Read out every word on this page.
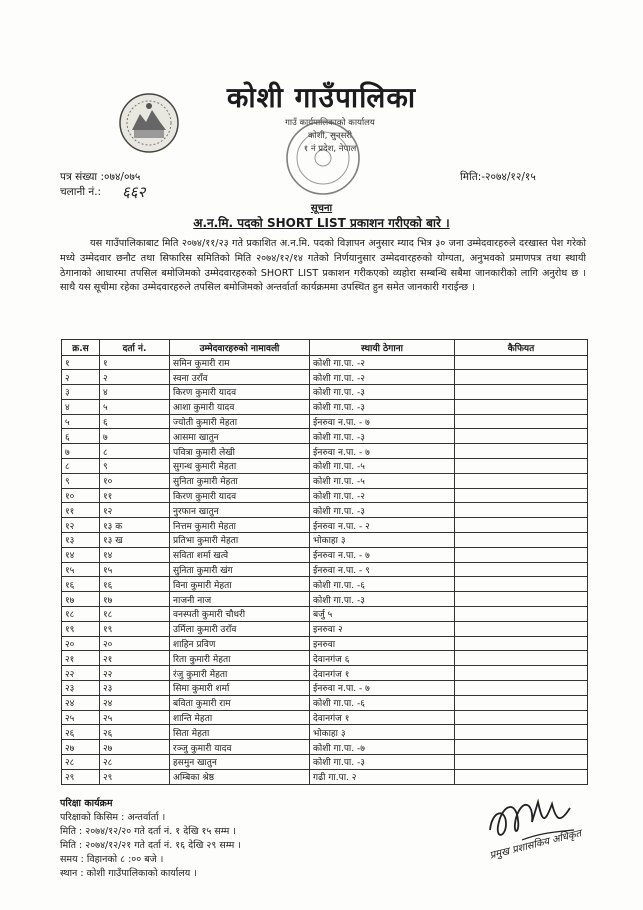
कोशी गाउँपालिका
गाउँ कार्यपालिकाको कार्यालय
कोशी, सुनसरी
१ नं प्रदेश, नेपाल
पत्र संख्या :०७४/०७५
चलानी नं.: ६६२
मिति:-२०७४/१२/१५
सूचना
अ.न.मि. पदको SHORT LIST प्रकाशन गरीएको बारे ।
यस गाउँपालिकाबाट मिति २०७४/११/२३ गते प्रकाशित अ.न.मि. पदको विज्ञापन अनुसार म्याद भित्र ३० जना उम्मेदवारहरुले दरखास्त पेश गरेको मध्ये उम्मेदवार छनौट तथा सिफारिस समितिको मिति २०७४/१२/१४ गतेको निर्णयानुसार उम्मेदवारहरुको योग्यता, अनुभवको प्रमाणपत्र तथा स्थायी ठेगानाको आधारमा तपसिल बमोजिमको उम्मेदवारहरुको SHORT LIST प्रकाशन गरीकएको व्यहोरा सम्बन्धि सबैमा जानकारीको लागि अनुरोध छ । साथै यस सूचीमा रहेका उम्मेदवारहरुले तपसिल बमोजिमको अन्तर्वार्ता कार्यक्रममा उपस्थित हुन समेत जानकारी गराईन्छ ।
क्र.स	दर्ता नं.	उम्मेदवारहरुको नामावली	स्थायी ठेगाना	कैफियत
१	१	समिन कुमारी राम	कोशी गा.पा. -२	
२	२	स्वना उराँव	कोशी गा.पा. -२	
३	४	किरण कुमारी यादव	कोशी गा.पा. -३	
४	५	आशा कुमारी यादव	कोशी गा.पा. -३	
५	६	ज्योती कुमारी मेहता	ईनरुवा न.पा. - ७	
६	७	आसमा खातुन	कोशी गा.पा. -३	
७	८	पवित्रा कुमारी लेखी	ईनरुवा न.पा. - ७	
८	९	सुगन्ध कुमारी मेहता	कोशी गा.पा. -५	
९	१०	सुनिता कुमारी मेहता	कोशी गा.पा. -५	
१०	११	किरण कुमारी यादव	कोशी गा.पा. -२	
११	१२	नुरफान खातुन	कोशी गा.पा. -३	
१२	१३ क	नित्तम कुमारी मेहता	ईनरुवा न.पा. - २	
१३	१३ ख	प्रतिभा कुमारी मेहता	भोकाहा ३	
१४	१४	सविता शर्मा खत्वे	ईनरुवा न.पा. - ७	
१५	१५	सुनिता कुमारी खंग	ईनरुवा न.पा. - ९	
१६	१६	विना कुमारी मेहता	कोशी गा.पा. -६	
१७	१७	नाजनी नाज	कोशी गा.पा. -३	
१८	१८	वनस्पती कुमारी चौधरी	बर्जु ५	
१९	१९	उर्मिला कुमारी उराँव	इनरुवा २	
२०	२०	शाहिन प्रविण	इनरुवा	
२१	२१	रिता कुमारी मेहता	देवानगंज ६	
२२	२२	रंजु कुमारी मेहता	देवानगंज १	
२३	२३	सिमा कुमारी शर्मा	ईनरुवा न.पा. - ७	
२४	२४	बविता कुमारी राम	कोशी गा.पा. -६	
२५	२५	शान्ति मेहता	देवानगंज १	
२६	२६	सिता मेहता	भोकाहा ३	
२७	२७	रञ्जु कुमारी यादव	कोशी गा.पा. -७	
२८	२८	हसमुन खातुन	कोशी गा.पा. -३	
२९	२९	अम्बिका श्रेष्ठ	गढी गा.पा. २	
परिक्षा कार्यक्रम
परिक्षाको किसिम : अन्तर्वार्ता ।
मिति : २०७४/१२/२० गते दर्ता नं. १ देखि १५ सम्म ।
मिति : २०७४/१२/२१ गते दर्ता नं. १६ देखि २९ सम्म ।
समय : विहानको ८ :०० बजे ।
स्थान : कोशी गाउँपालिकाको कार्यालय ।
प्रमुख प्रशासकिय अधिकृत
